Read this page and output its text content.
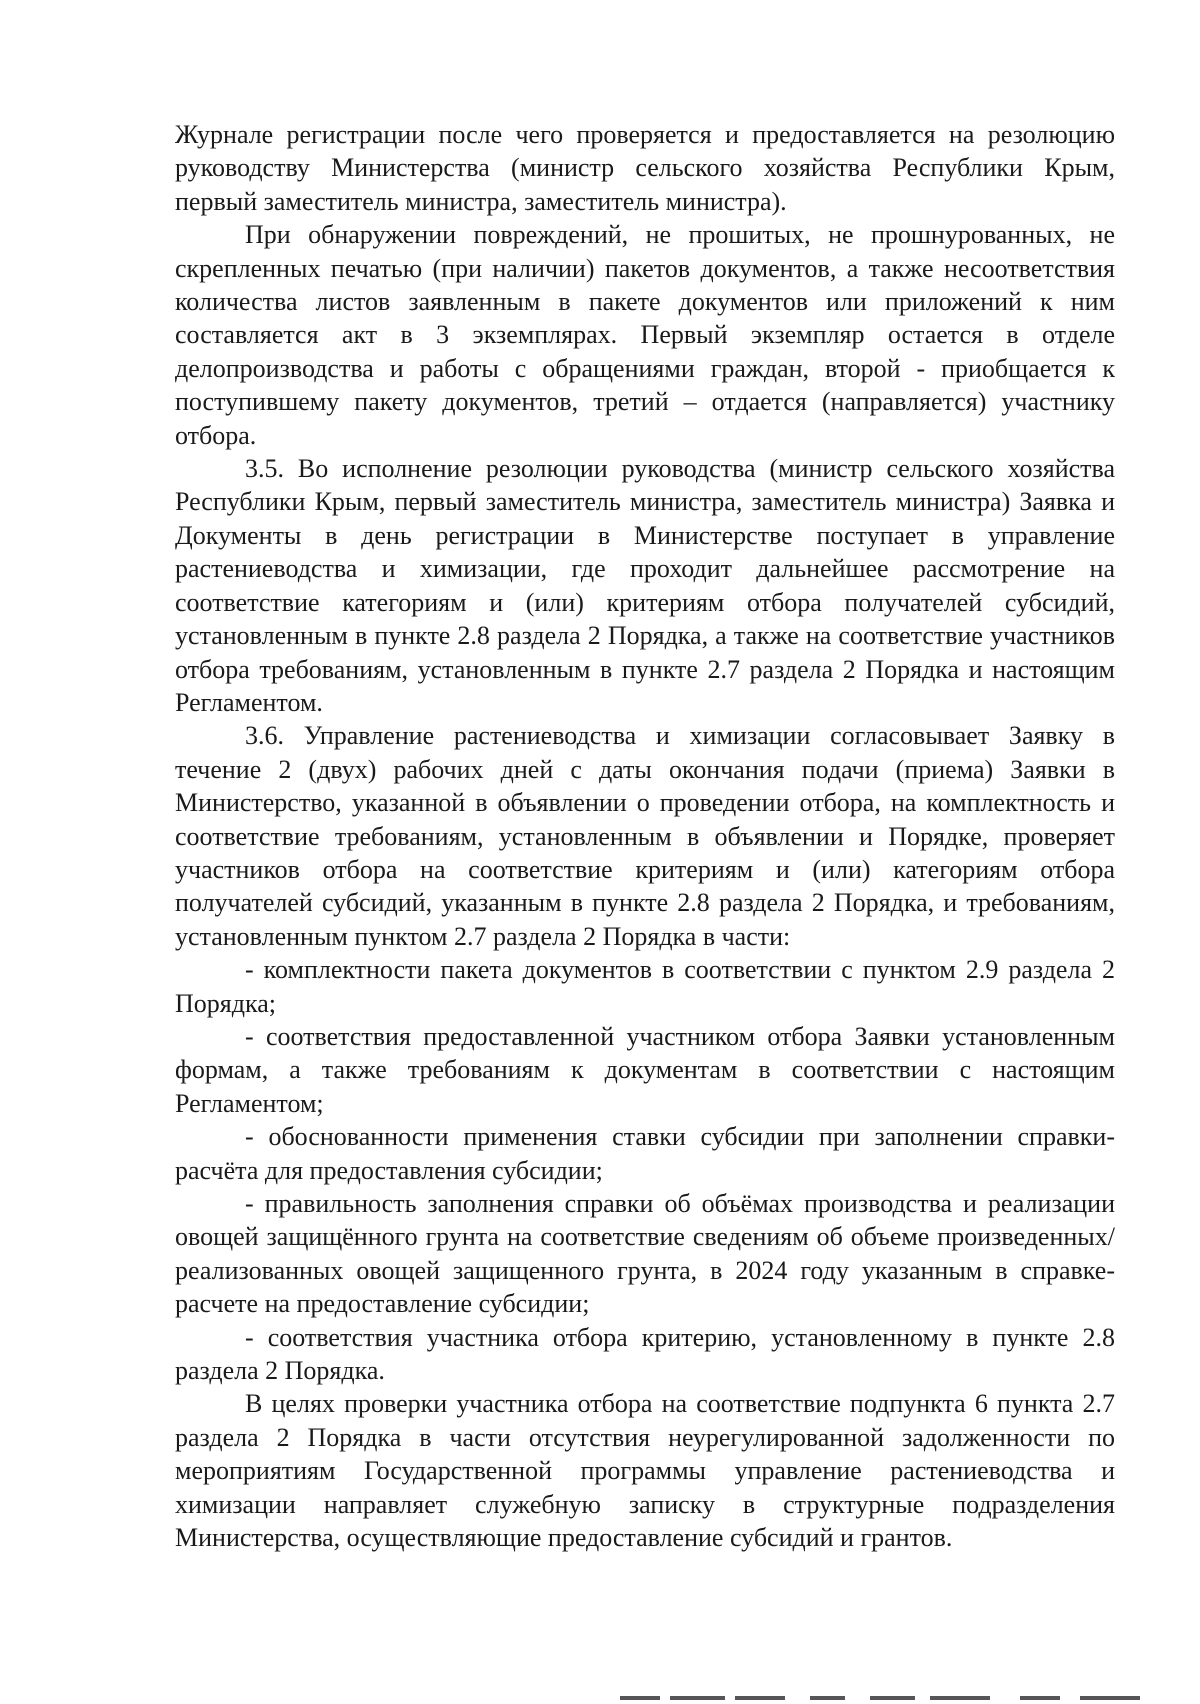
Журнале регистрации после чего проверяется и предоставляется на резолюцию руководству Министерства (министр сельского хозяйства Республики Крым, первый заместитель министра, заместитель министра).

При обнаружении повреждений, не прошитых, не прошнурованных, не скрепленных печатью (при наличии) пакетов документов, а также несоответствия количества листов заявленным в пакете документов или приложений к ним составляется акт в 3 экземплярах. Первый экземпляр остается в отделе делопроизводства и работы с обращениями граждан, второй - приобщается к поступившему пакету документов, третий – отдается (направляется) участнику отбора.

3.5. Во исполнение резолюции руководства (министр сельского хозяйства Республики Крым, первый заместитель министра, заместитель министра) Заявка и Документы в день регистрации в Министерстве поступает в управление растениеводства и химизации, где проходит дальнейшее рассмотрение на соответствие категориям и (или) критериям отбора получателей субсидий, установленным в пункте 2.8 раздела 2 Порядка, а также на соответствие участников отбора требованиям, установленным в пункте 2.7 раздела 2 Порядка и настоящим Регламентом.

3.6. Управление растениеводства и химизации согласовывает Заявку в течение 2 (двух) рабочих дней с даты окончания подачи (приема) Заявки в Министерство, указанной в объявлении о проведении отбора, на комплектность и соответствие требованиям, установленным в объявлении и Порядке, проверяет участников отбора на соответствие критериям и (или) категориям отбора получателей субсидий, указанным в пункте 2.8 раздела 2 Порядка, и требованиям, установленным пунктом 2.7 раздела 2 Порядка в части:

- комплектности пакета документов в соответствии с пунктом 2.9 раздела 2 Порядка;

- соответствия предоставленной участником отбора Заявки установленным формам, а также требованиям к документам в соответствии с настоящим Регламентом;

- обоснованности применения ставки субсидии при заполнении справки-расчёта для предоставления субсидии;

- правильность заполнения справки об объёмах производства и реализации овощей защищённого грунта на соответствие сведениям об объеме произведенных/реализованных овощей защищенного грунта, в 2024 году указанным в справке-расчете на предоставление субсидии;

- соответствия участника отбора критерию, установленному в пункте 2.8 раздела 2 Порядка.

В целях проверки участника отбора на соответствие подпункта 6 пункта 2.7 раздела 2 Порядка в части отсутствия неурегулированной задолженности по мероприятиям Государственной программы управление растениеводства и химизации направляет служебную записку в структурные подразделения Министерства, осуществляющие предоставление субсидий и грантов.
